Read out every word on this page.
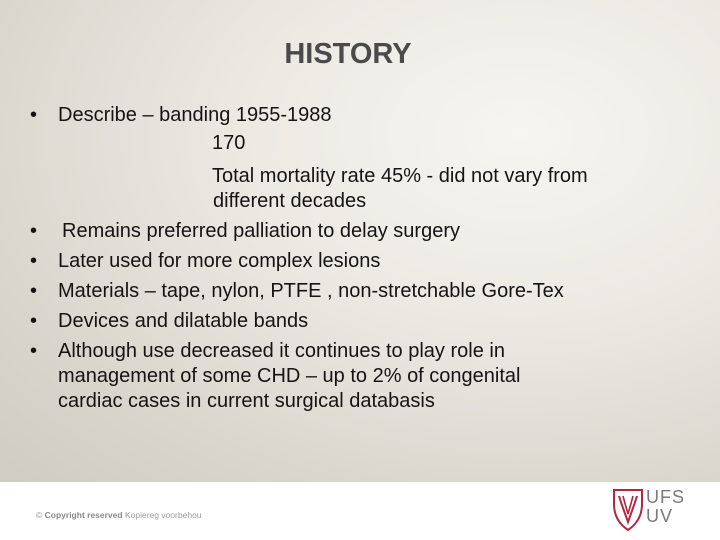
HISTORY
• Describe – banding 1955-1988
170
Total mortality rate 45% - did not vary from
different decades
• Remains preferred palliation to delay surgery
• Later used for more complex lesions
• Materials – tape, nylon, PTFE , non-stretchable Gore-Tex
• Devices and dilatable bands
• Although use decreased it continues to play role in
management of some CHD – up to 2% of congenital
cardiac cases in current surgical databasis
© Copyright reserved Kopiereg voorbehou
UFS
UV
